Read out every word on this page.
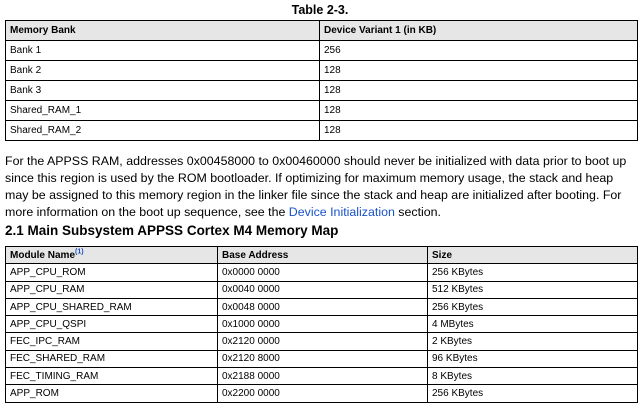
Table 2-3.
Memory Bank	Device Variant 1 (in KB)
Bank 1	256
Bank 2	128
Bank 3	128
Shared_RAM_1	128
Shared_RAM_2	128

For the APPSS RAM, addresses 0x00458000 to 0x00460000 should never be initialized with data prior to boot up since this region is used by the ROM bootloader. If optimizing for maximum memory usage, the stack and heap may be assigned to this memory region in the linker file since the stack and heap are initialized after booting. For more information on the boot up sequence, see the Device Initialization section.

2.1 Main Subsystem APPSS Cortex M4 Memory Map
Module Name$^{(1)}$	Base Address	Size
APP_CPU_ROM	0x0000 0000	256 KBytes
APP_CPU_RAM	0x0040 0000	512 KBytes
APP_CPU_SHARED_RAM	0x0048 0000	256 KBytes
APP_CPU_QSPI	0x1000 0000	4 MBytes
FEC_IPC_RAM	0x2120 0000	2 KBytes
FEC_SHARED_RAM	0x2120 8000	96 KBytes
FEC_TIMING_RAM	0x2188 0000	8 KBytes
APP_ROM	0x2200 0000	256 KBytes
